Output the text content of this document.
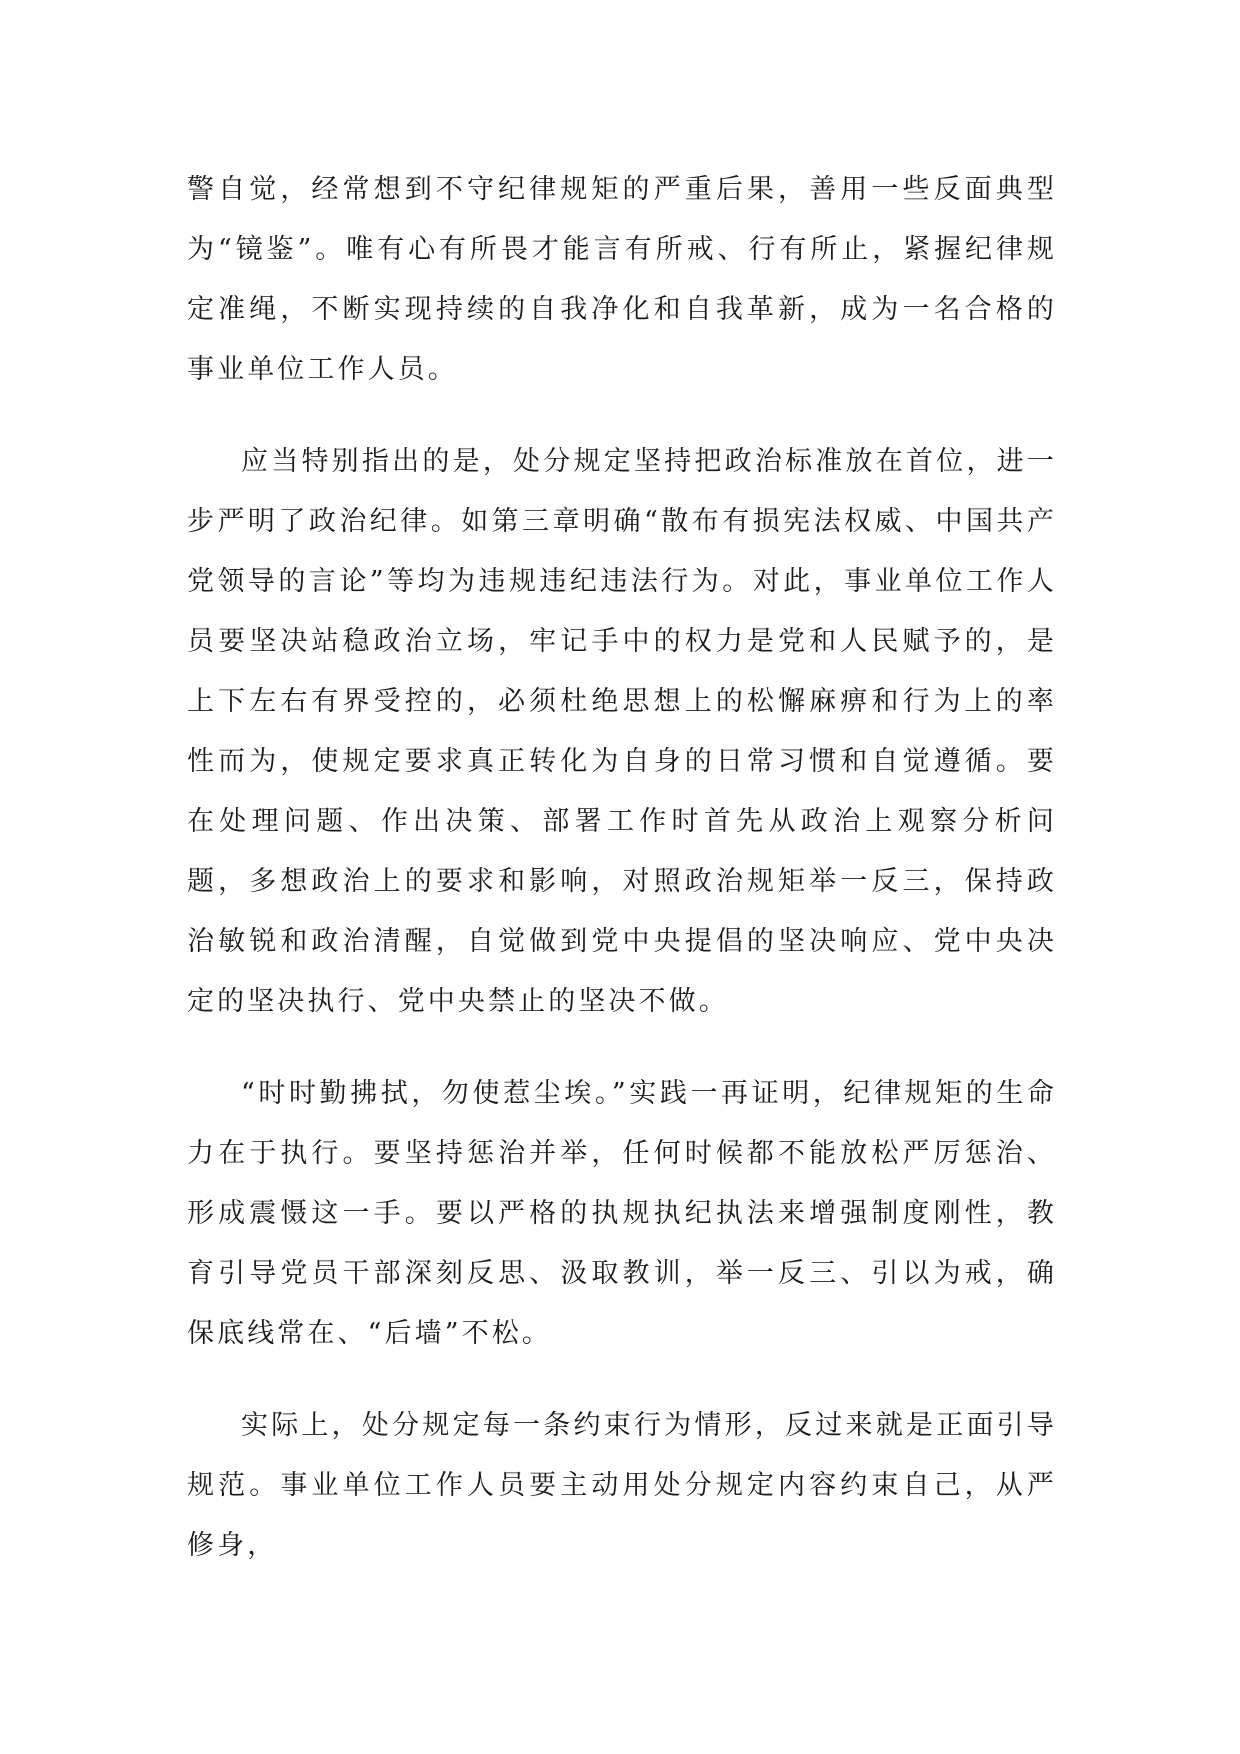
警自觉，经常想到不守纪律规矩的严重后果，善用一些反面典型为“镜鉴”。唯有心有所畏才能言有所戒、行有所止，紧握纪律规定准绳，不断实现持续的自我净化和自我革新，成为一名合格的事业单位工作人员。

应当特别指出的是，处分规定坚持把政治标准放在首位，进一步严明了政治纪律。如第三章明确“散布有损宪法权威、中国共产党领导的言论”等均为违规违纪违法行为。对此，事业单位工作人员要坚决站稳政治立场，牢记手中的权力是党和人民赋予的，是上下左右有界受控的，必须杜绝思想上的松懈麻痹和行为上的率性而为，使规定要求真正转化为自身的日常习惯和自觉遵循。要在处理问题、作出决策、部署工作时首先从政治上观察分析问题，多想政治上的要求和影响，对照政治规矩举一反三，保持政治敏锐和政治清醒，自觉做到党中央提倡的坚决响应、党中央决定的坚决执行、党中央禁止的坚决不做。

“时时勤拂拭，勿使惹尘埃。”实践一再证明，纪律规矩的生命力在于执行。要坚持惩治并举，任何时候都不能放松严厉惩治、形成震慑这一手。要以严格的执规执纪执法来增强制度刚性，教育引导党员干部深刻反思、汲取教训，举一反三、引以为戒，确保底线常在、“后墙”不松。

实际上，处分规定每一条约束行为情形，反过来就是正面引导规范。事业单位工作人员要主动用处分规定内容约束自己，从严修身，
